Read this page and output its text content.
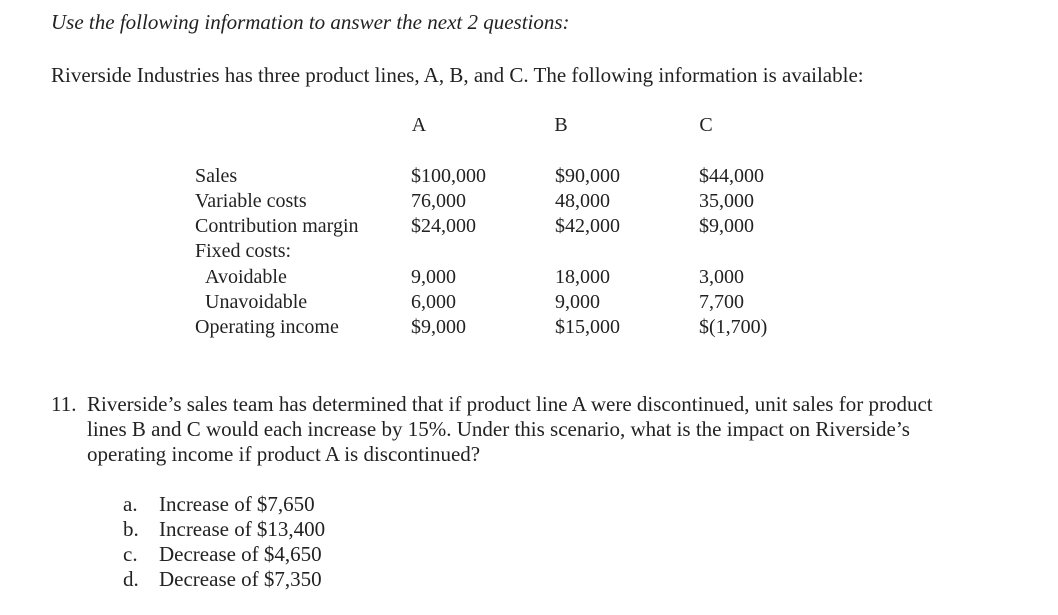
Use the following information to answer the next 2 questions:
Riverside Industries has three product lines, A, B, and C. The following information is available:
A	B	C
Sales
Variable costs
Contribution margin
Fixed costs:
Avoidable
Unavoidable
Operating income
$100,000
76,000
$24,000
9,000
6,000
$9,000
$90,000
48,000
$42,000
18,000
9,000
$15,000
$44,000
35,000
$9,000
3,000
7,700
$(1,700)
11. Riverside’s sales team has determined that if product line A were discontinued, unit sales for product
lines B and C would each increase by 15%. Under this scenario, what is the impact on Riverside’s
operating income if product A is discontinued?
a. Increase of $7,650
b. Increase of $13,400
c. Decrease of $4,650
d. Decrease of $7,350
